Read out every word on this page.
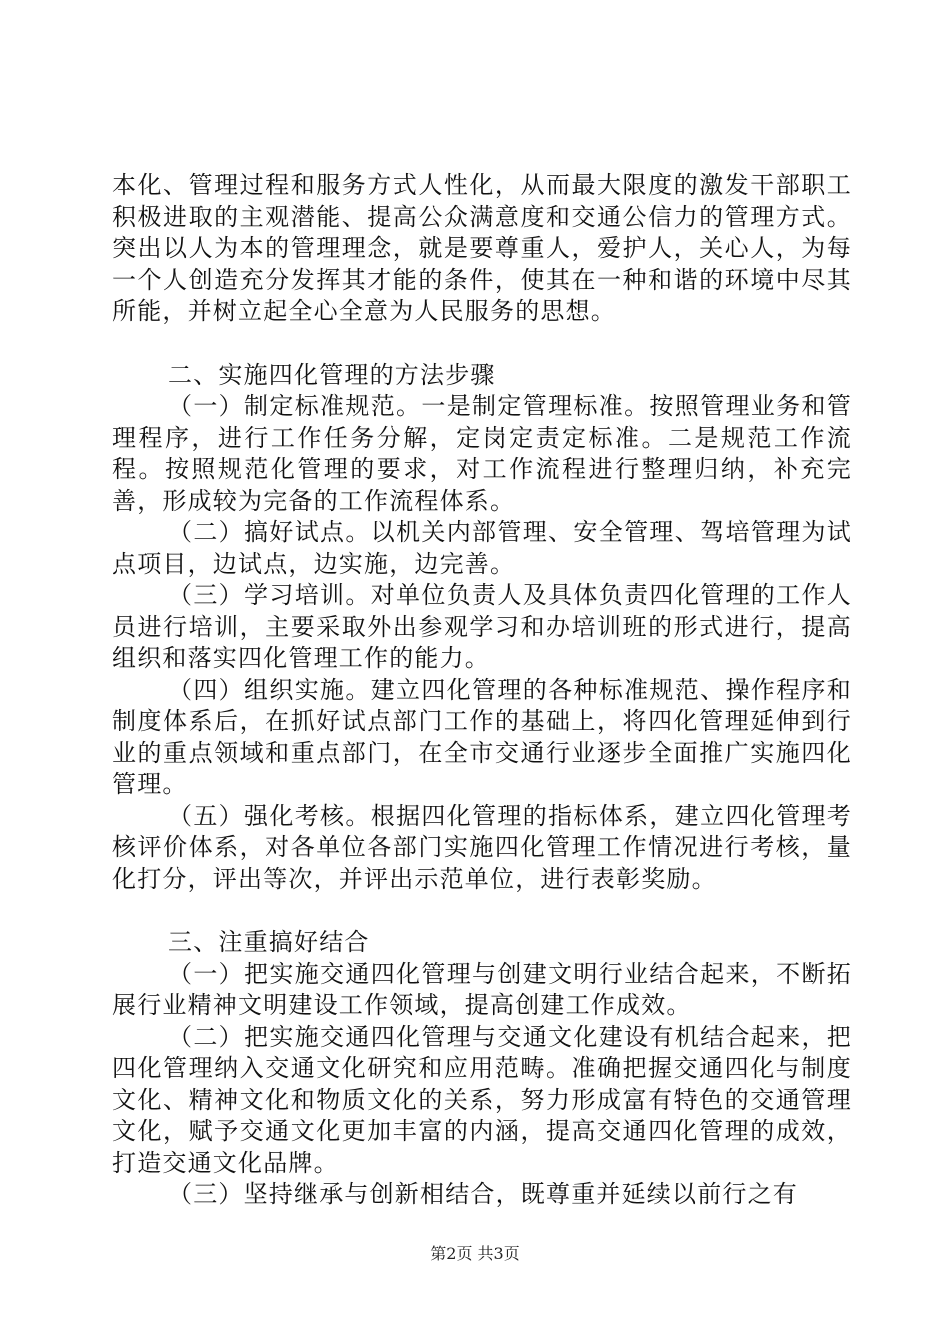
本化、管理过程和服务方式人性化，从而最大限度的激发干部职工积极进取的主观潜能、提高公众满意度和交通公信力的管理方式。突出以人为本的管理理念，就是要尊重人，爱护人，关心人，为每一个人创造充分发挥其才能的条件，使其在一种和谐的环境中尽其所能，并树立起全心全意为人民服务的思想。

二、实施四化管理的方法步骤

（一）制定标准规范。一是制定管理标准。按照管理业务和管理程序，进行工作任务分解，定岗定责定标准。二是规范工作流程。按照规范化管理的要求，对工作流程进行整理归纳，补充完善，形成较为完备的工作流程体系。

（二）搞好试点。以机关内部管理、安全管理、驾培管理为试点项目，边试点，边实施，边完善。

（三）学习培训。对单位负责人及具体负责四化管理的工作人员进行培训，主要采取外出参观学习和办培训班的形式进行，提高组织和落实四化管理工作的能力。

（四）组织实施。建立四化管理的各种标准规范、操作程序和制度体系后，在抓好试点部门工作的基础上，将四化管理延伸到行业的重点领域和重点部门，在全市交通行业逐步全面推广实施四化管理。

（五）强化考核。根据四化管理的指标体系，建立四化管理考核评价体系，对各单位各部门实施四化管理工作情况进行考核，量化打分，评出等次，并评出示范单位，进行表彰奖励。

三、注重搞好结合

（一）把实施交通四化管理与创建文明行业结合起来，不断拓展行业精神文明建设工作领域，提高创建工作成效。

（二）把实施交通四化管理与交通文化建设有机结合起来，把四化管理纳入交通文化研究和应用范畴。准确把握交通四化与制度文化、精神文化和物质文化的关系，努力形成富有特色的交通管理文化，赋予交通文化更加丰富的内涵，提高交通四化管理的成效，打造交通文化品牌。

（三）坚持继承与创新相结合，既尊重并延续以前行之有

第2页 共3页
